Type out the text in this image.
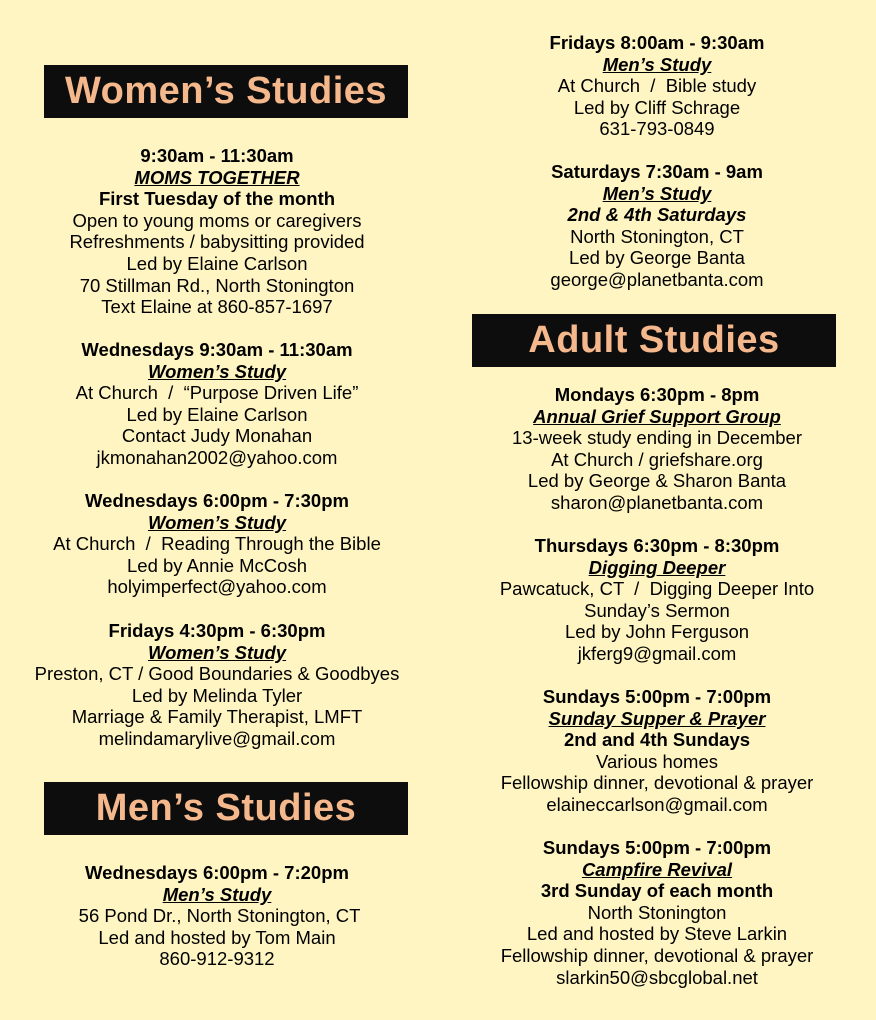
Women’s Studies
9:30am - 11:30am
MOMS TOGETHER
First Tuesday of the month
Open to young moms or caregivers
Refreshments / babysitting provided
Led by Elaine Carlson
70 Stillman Rd., North Stonington
Text Elaine at 860-857-1697
Wednesdays 9:30am - 11:30am
Women’s Study
At Church  /  “Purpose Driven Life”
Led by Elaine Carlson
Contact Judy Monahan
jkmonahan2002@yahoo.com
Wednesdays 6:00pm - 7:30pm
Women’s Study
At Church  /  Reading Through the Bible
Led by Annie McCosh
holyimperfect@yahoo.com
Fridays 4:30pm - 6:30pm
Women’s Study
Preston, CT / Good Boundaries & Goodbyes
Led by Melinda Tyler
Marriage & Family Therapist, LMFT
melindamarylive@gmail.com
Men’s Studies
Wednesdays 6:00pm - 7:20pm
Men’s Study
56 Pond Dr., North Stonington, CT
Led and hosted by Tom Main
860-912-9312
Fridays 8:00am - 9:30am
Men’s Study
At Church  /  Bible study
Led by Cliff Schrage
631-793-0849
Saturdays 7:30am - 9am
Men’s Study
2nd & 4th Saturdays
North Stonington, CT
Led by George Banta
george@planetbanta.com
Adult Studies
Mondays 6:30pm - 8pm
Annual Grief Support Group
13-week study ending in December
At Church / griefshare.org
Led by George & Sharon Banta
sharon@planetbanta.com
Thursdays 6:30pm - 8:30pm
Digging Deeper
Pawcatuck, CT  /  Digging Deeper Into
Sunday’s Sermon
Led by John Ferguson
jkferg9@gmail.com
Sundays 5:00pm - 7:00pm
Sunday Supper & Prayer
2nd and 4th Sundays
Various homes
Fellowship dinner, devotional & prayer
elaineccarlson@gmail.com
Sundays 5:00pm - 7:00pm
Campfire Revival
3rd Sunday of each month
North Stonington
Led and hosted by Steve Larkin
Fellowship dinner, devotional & prayer
slarkin50@sbcglobal.net
